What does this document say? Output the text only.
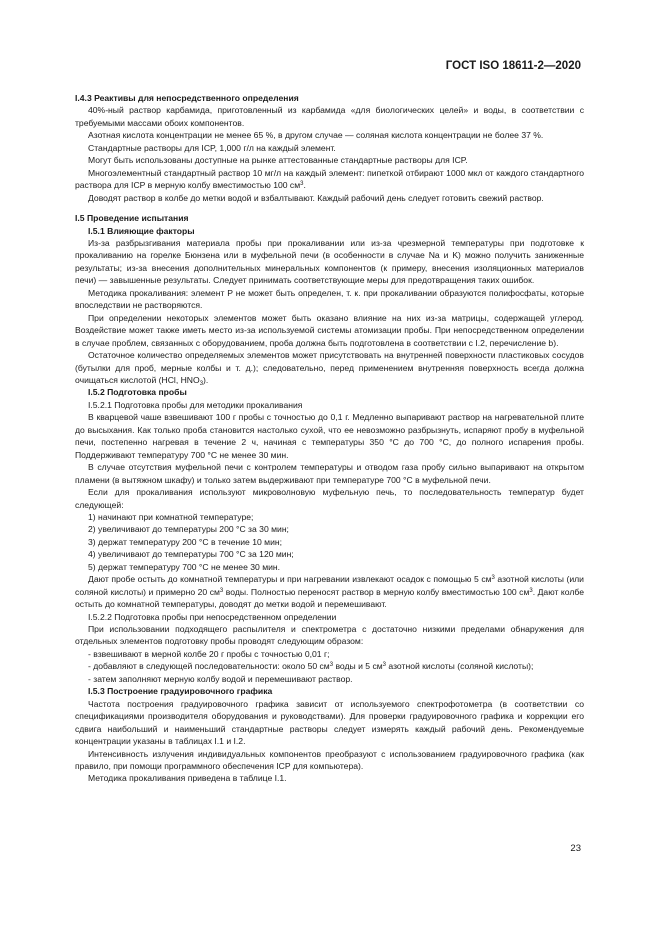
ГОСТ ISO 18611-2—2020

I.4.3 Реактивы для непосредственного определения

40%-ный раствор карбамида, приготовленный из карбамида «для биологических целей» и воды, в соответствии с требуемыми массами обоих компонентов.

Азотная кислота концентрации не менее 65 %, в другом случае — соляная кислота концентрации не более 37 %.

Стандартные растворы для ICP, 1,000 г/л на каждый элемент.

Могут быть использованы доступные на рынке аттестованные стандартные растворы для ICP.

Многоэлементный стандартный раствор 10 мг/л на каждый элемент: пипеткой отбирают 1000 мкл от каждого стандартного раствора для ICP в мерную колбу вместимостью 100 $см^3$.

Доводят раствор в колбе до метки водой и взбалтывают. Каждый рабочий день следует готовить свежий раствор.

I.5 Проведение испытания

I.5.1 Влияющие факторы

Из-за разбрызгивания материала пробы при прокаливании или из-за чрезмерной температуры при подготовке к прокаливанию на горелке Бюнзена или в муфельной печи (в особенности в случае Na и K) можно получить заниженные результаты; из-за внесения дополнительных минеральных компонентов (к примеру, внесения изоляционных материалов печи) — завышенные результаты. Следует принимать соответствующие меры для предотвращения таких ошибок.

Методика прокаливания: элемент P не может быть определен, т. к. при прокаливании образуются полифосфаты, которые впоследствии не растворяются.

При определении некоторых элементов может быть оказано влияние на них из-за матрицы, содержащей углерод. Воздействие может также иметь место из-за используемой системы атомизации пробы. При непосредственном определении в случае проблем, связанных с оборудованием, проба должна быть подготовлена в соответствии с I.2, перечисление b).

Остаточное количество определяемых элементов может присутствовать на внутренней поверхности пластиковых сосудов (бутылки для проб, мерные колбы и т. д.); следовательно, перед применением внутренняя поверхность всегда должна очищаться кислотой (HCl, $HNO_3$).

I.5.2 Подготовка пробы

I.5.2.1 Подготовка пробы для методики прокаливания

В кварцевой чаше взвешивают 100 г пробы с точностью до 0,1 г. Медленно выпаривают раствор на нагревательной плите до высыхания. Как только проба становится настолько сухой, что ее невозможно разбрызнуть, испаряют пробу в муфельной печи, постепенно нагревая в течение 2 ч, начиная с температуры 350 °C до 700 °C, до полного испарения пробы. Поддерживают температуру 700 °C не менее 30 мин.

В случае отсутствия муфельной печи с контролем температуры и отводом газа пробу сильно выпаривают на открытом пламени (в вытяжном шкафу) и только затем выдерживают при температуре 700 °C в муфельной печи.

Если для прокаливания используют микроволновую муфельную печь, то последовательность температур будет следующей:

1) начинают при комнатной температуре;

2) увеличивают до температуры 200 °C за 30 мин;

3) держат температуру 200 °C в течение 10 мин;

4) увеличивают до температуры 700 °C за 120 мин;

5) держат температуру 700 °C не менее 30 мин.

Дают пробе остыть до комнатной температуры и при нагревании извлекают осадок с помощью 5 $см^3$ азотной кислоты (или соляной кислоты) и примерно 20 $см^3$ воды. Полностью переносят раствор в мерную колбу вместимостью 100 $см^3$. Дают колбе остыть до комнатной температуры, доводят до метки водой и перемешивают.

I.5.2.2 Подготовка пробы при непосредственном определении

При использовании подходящего распылителя и спектрометра с достаточно низкими пределами обнаружения для отдельных элементов подготовку пробы проводят следующим образом:

- взвешивают в мерной колбе 20 г пробы с точностью 0,01 г;

- добавляют в следующей последовательности: около 50 $см^3$ воды и 5 $см^3$ азотной кислоты (соляной кислоты);

- затем заполняют мерную колбу водой и перемешивают раствор.

I.5.3 Построение градуировочного графика

Частота построения градуировочного графика зависит от используемого спектрофотометра (в соответствии со спецификациями производителя оборудования и руководствами). Для проверки градуировочного графика и коррекции его сдвига наибольший и наименьший стандартные растворы следует измерять каждый рабочий день. Рекомендуемые концентрации указаны в таблицах I.1 и I.2.

Интенсивность излучения индивидуальных компонентов преобразуют с использованием градуировочного графика (как правило, при помощи программного обеспечения ICP для компьютера).

Методика прокаливания приведена в таблице I.1.

23
